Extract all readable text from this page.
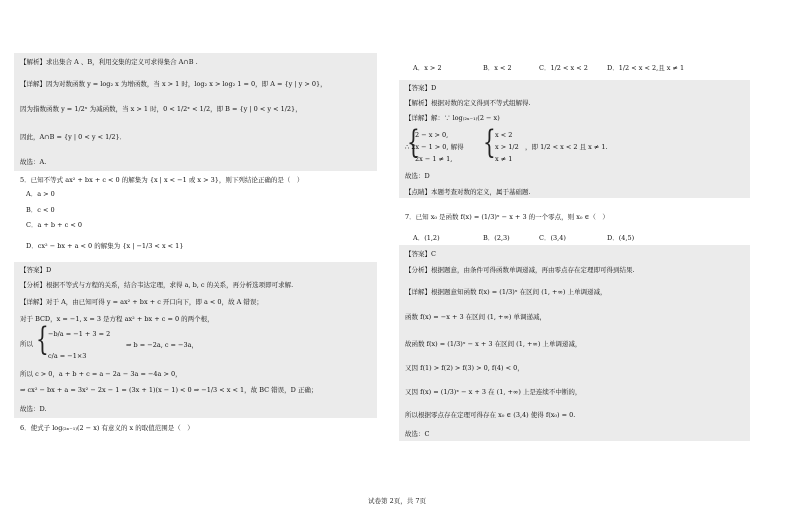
【解析】求出集合 A 、B，利用交集的定义可求得集合 A∩B .
【详解】因为对数函数 y = log₂ x 为增函数，当 x > 1 时，log₂ x > log₂ 1 = 0，即 A = {y | y > 0}，
因为指数函数 y = 1/2ˣ 为减函数，当 x > 1 时，0 < 1/2ˣ < 1/2，即 B = {y | 0 < y < 1/2}，
因此，A∩B = {y | 0 < y < 1/2}．
故选：A.
5．已知不等式 ax² + bx + c < 0 的解集为 {x | x < −1 或 x > 3}，则下列结论正确的是（　）
A．a > 0
B．c < 0
C．a + b + c < 0
D．cx² − bx + a < 0 的解集为 {x | −1/3 < x < 1}
【答案】D
【分析】根据不等式与方程的关系，结合韦达定理，求得 a, b, c 的关系，再分析选项即可求解.
【详解】对于 A，由已知可得 y = ax² + bx + c 开口向下，即 a < 0，故 A 错误；
对于 BCD，x = −1, x = 3 是方程 ax² + bx + c = 0 的两个根，
{ −b/a = −1 + 3 = 2
所以
c/a = −1×3
⇒ b = −2a, c = −3a，
所以 c > 0，a + b + c = a − 2a − 3a = −4a > 0，
⇒ cx² − bx + a = 3x² − 2x − 1 = (3x + 1)(x − 1) < 0 ⇒ −1/3 < x < 1，故 BC 错误，D 正确；
故选：D.
6．使式子 log₍₂ₓ₋₁₎(2 − x) 有意义的 x 的取值范围是（　）
A．x > 2	B．x < 2	C．1/2 < x < 2	D．1/2 < x < 2,且 x ≠ 1
【答案】D
【解析】根据对数的定义得到不等式组解得.
【详解】解：∵ log₍₂ₓ₋₁₎(2 − x)
{
2 − x > 0,
∴ 2x − 1 > 0, 解得
2x − 1 ≠ 1, { x < 2
x > 1/2
x ≠ 1
，即 1/2 < x < 2 且 x ≠ 1.
故选：D
【点睛】本题考查对数的定义，属于基础题.
7．已知 x₀ 是函数 f(x) = (1/3)ˣ − x + 3 的一个零点，则 x₀ ∈（　）
A．(1,2)	B．(2,3)	C．(3,4)	D．(4,5)
【答案】C
【分析】根据题意，由条件可得函数单调递减，再由零点存在定理即可得到结果.
【详解】根据题意知函数 f(x) = (1/3)ˣ 在区间 (1, +∞) 上单调递减，
函数 f(x) = −x + 3 在区间 (1, +∞) 单调递减，
故函数 f(x) = (1/3)ˣ − x + 3 在区间 (1, +∞) 上单调递减，
又因 f(1) > f(2) > f(3) > 0, f(4) < 0，
又因 f(x) = (1/3)ˣ − x + 3 在 (1, +∞) 上是连续不中断的，
所以根据零点存在定理可得存在 x₀ ∈ (3,4) 使得 f(x₀) = 0.
故选：C
试卷第 2页，共 7页
